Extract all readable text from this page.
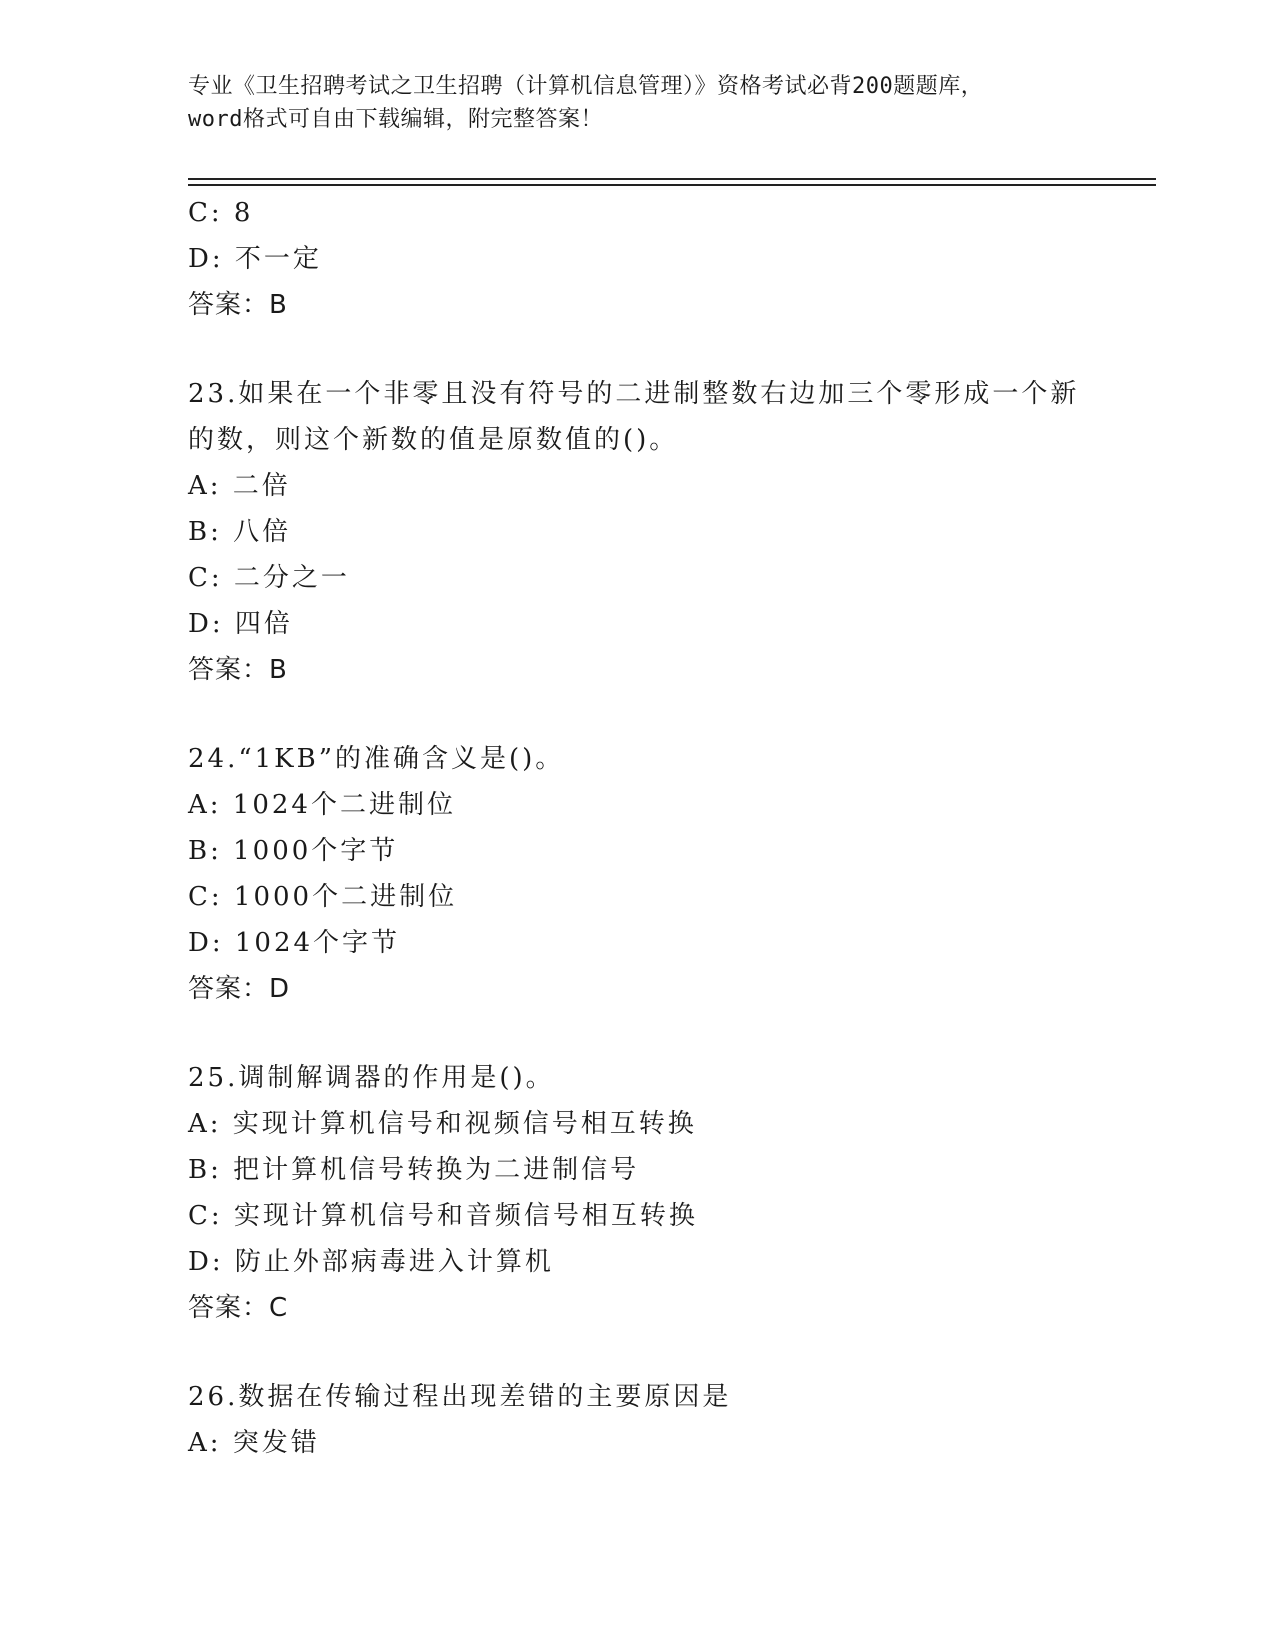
专业《卫生招聘考试之卫生招聘（计算机信息管理）》资格考试必背200题题库，
word格式可自由下载编辑，附完整答案！
C: 8
D: 不一定
答案：B
23.如果在一个非零且没有符号的二进制整数右边加三个零形成一个新
的数，则这个新数的值是原数值的()。
A: 二倍
B: 八倍
C: 二分之一
D: 四倍
答案：B
24.“1KB”的准确含义是()。
A: 1024个二进制位
B: 1000个字节
C: 1000个二进制位
D: 1024个字节
答案：D
25.调制解调器的作用是()。
A: 实现计算机信号和视频信号相互转换
B: 把计算机信号转换为二进制信号
C: 实现计算机信号和音频信号相互转换
D: 防止外部病毒进入计算机
答案：C
26.数据在传输过程出现差错的主要原因是
A: 突发错
